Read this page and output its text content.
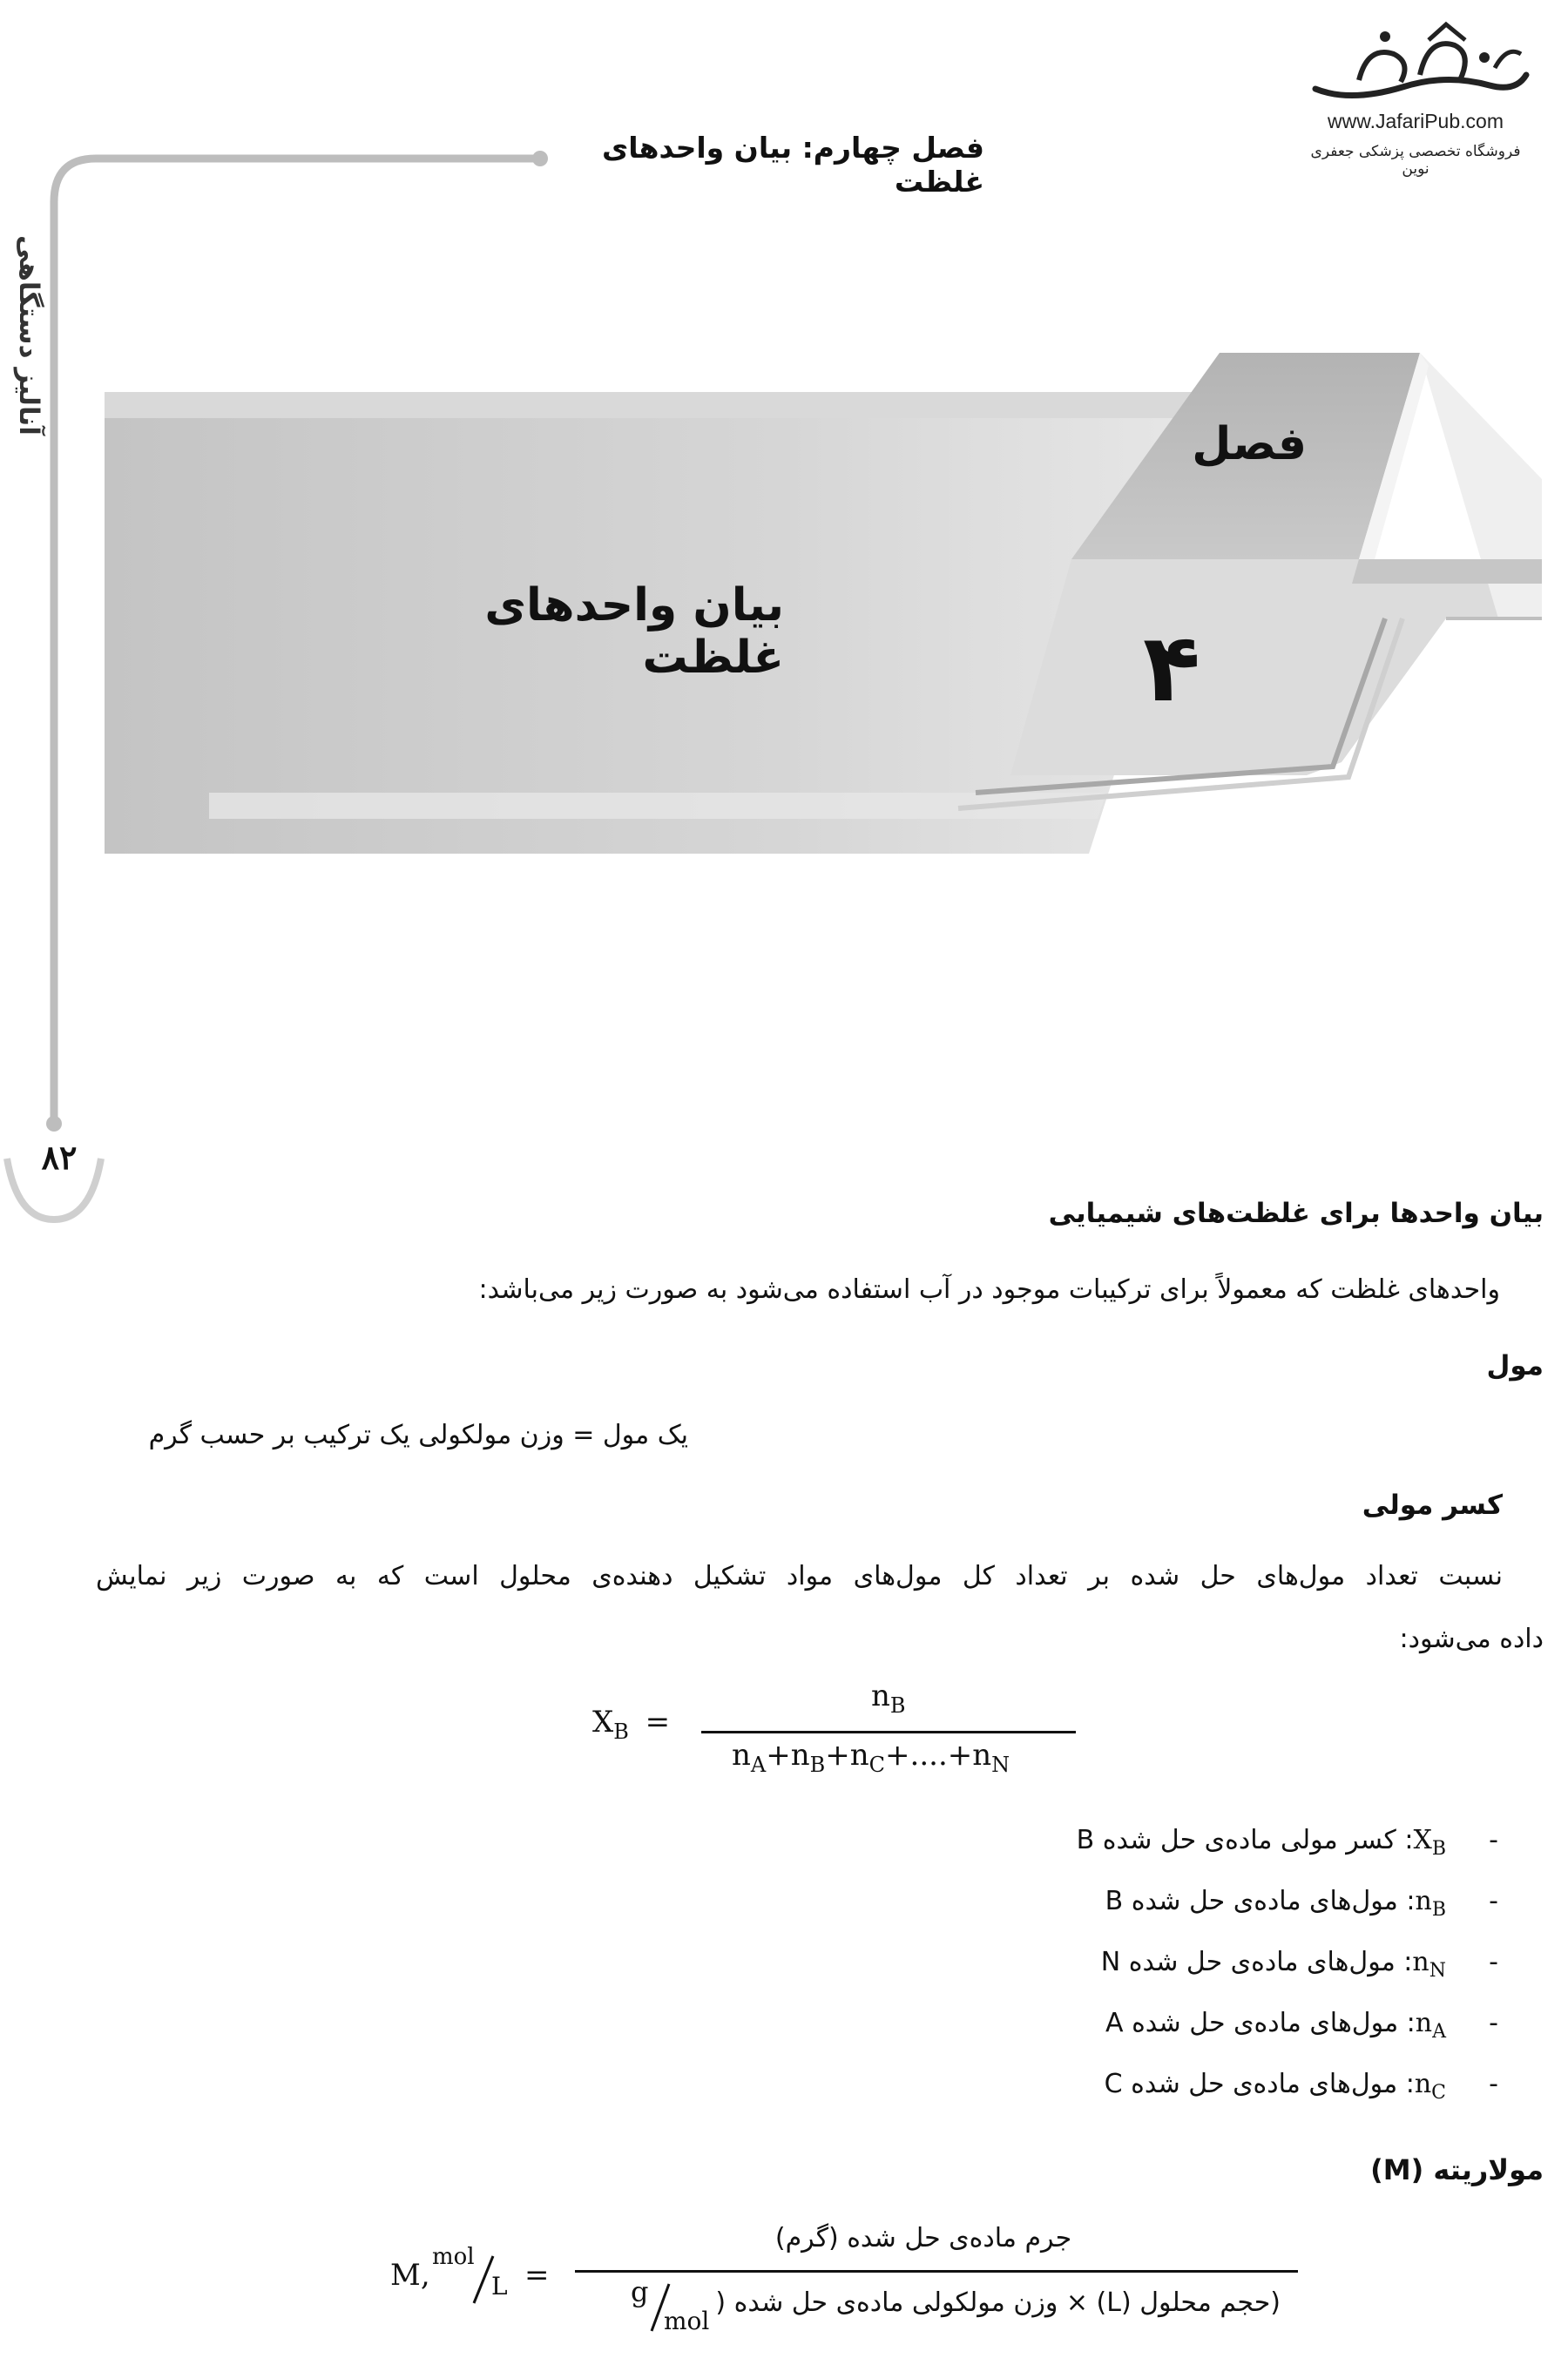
www.JafariPub.com
فروشگاه تخصصی پزشکی جعفری نوین
فصل چهارم: بیان واحدهای غلظت
آنالیز دستگاهی
۸۲
فصل
۴
بیان واحدهای غلظت
بیان واحدها برای غلظت‌های شیمیایی
واحدهای غلظت که معمولاً برای ترکیبات موجود در آب استفاده می‌شود به صورت زیر می‌باشد:
مول
یک مول = وزن مولکولی یک ترکیب بر حسب گرم
کسر مولی
نسبت تعداد مول‌های حل شده بر تعداد کل مول‌های مواد تشکیل دهنده‌ی محلول است که به صورت زیر نمایش
داده می‌شود:
$X_B$ =
$n_B$
$n_A+n_B+n_C+....+n_N$
-
$X_B$: کسر مولی ماده‌ی حل شده B
-
$n_B$: مول‌های ماده‌ی حل شده B
-
$n_N$: مول‌های ماده‌ی حل شده N
-
$n_A$: مول‌های ماده‌ی حل شده A
-
$n_C$: مول‌های ماده‌ی حل شده C
مولاریته (M)
M,
mol
L =
جرم ماده‌ی حل شده (گرم)
g
mol
(حجم محلول (L) × وزن مولکولی ماده‌ی حل شده (
